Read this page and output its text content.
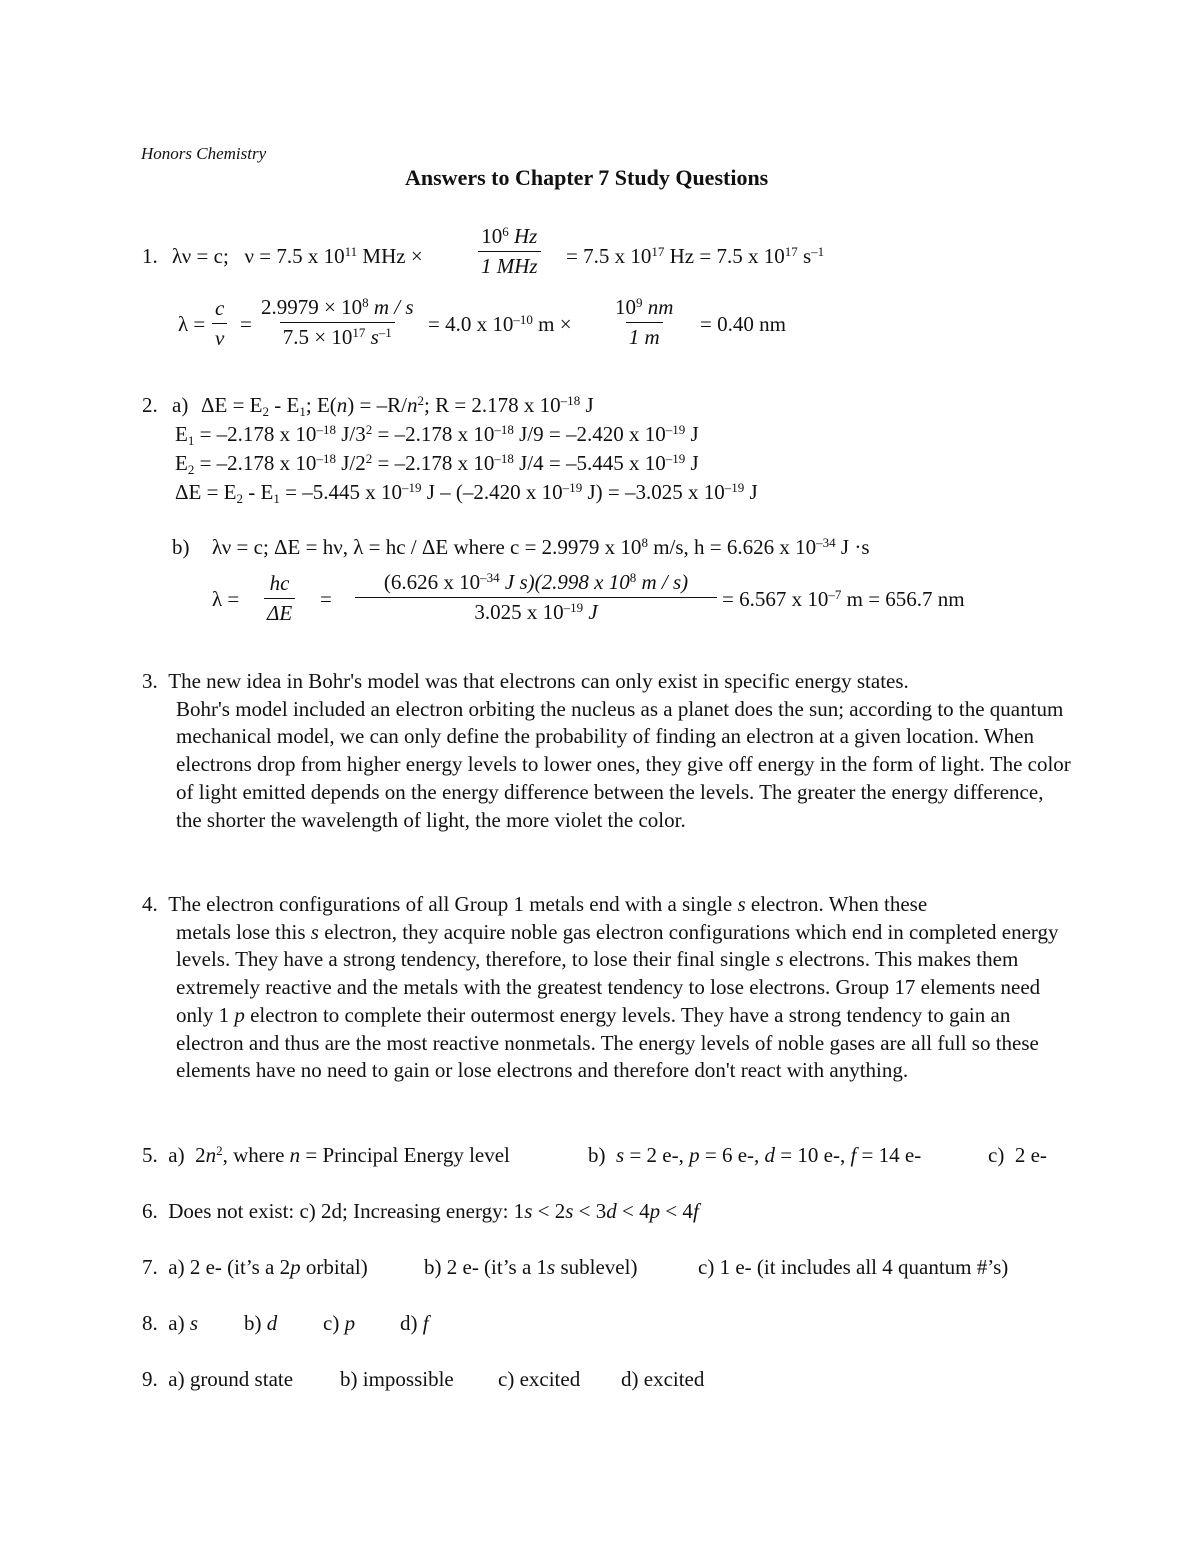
Honors Chemistry
Answers to Chapter 7 Study Questions
1. λν = c; ν = 7.5 x $10^{11}$ MHz ×
$10^6$ Hz
1 MHz = 7.5 x $10^{17}$ Hz = 7.5 x $10^{17}$ $s^{-1}$
$\lambda = \frac{c}{\nu} = \frac{2.9979 \times 10^8 m / s}{7.5 \times 10^{17} s^{-1}} = 4.0$ x $10^{-10}$ $m \times \frac{10^9 nm}{1 m} = 0.40$ nm
2. a) $\Delta E = E_2 - E_1$; $E(n) = -R/n^2$; R = 2.178 x $10^{-18}$ J
$E_1 = -2.178$ x $10^{-18}$ $J/3^2 = -2.178$ x $10^{-18}$ J/9 = –2.420 x $10^{-19}$ J
$E_2 = -2.178$ x $10^{-18}$ $J/2^2 = -2.178$ x $10^{-18}$ J/4 = –5.445 x $10^{-19}$ J
$\Delta E = E_2 - E_1 = -5.445$ x $10^{-19}$ J – (–2.420 x $10^{-19}$ J) = –3.025 x $10^{-19}$ J
b) λν = c; ΔE = hν, λ = hc / ΔE where c = 2.9979 x $10^8$ m/s, h = 6.626 x $10^{-34}$ J ·s
$\lambda = \frac{hc}{\Delta E} = \frac{(6.626 x 10^{-34} J s)(2.998 x 10^8 m / s)}{3.025 x 10^{-19} J} = 6.567$ x $10^{-7}$ m = 656.7 nm
3. The new idea in Bohr's model was that electrons can only exist in specific energy states.
Bohr's model included an electron orbiting the nucleus as a planet does the sun; according to the quantum mechanical model, we can only define the probability of finding an electron at a given location. When electrons drop from higher energy levels to lower ones, they give off energy in the form of light. The color of light emitted depends on the energy difference between the levels. The greater the energy difference, the shorter the wavelength of light, the more violet the color.
4. The electron configurations of all Group 1 metals end with a single s electron. When these
metals lose this s electron, they acquire noble gas electron configurations which end in completed energy levels. They have a strong tendency, therefore, to lose their final single s electrons. This makes them extremely reactive and the metals with the greatest tendency to lose electrons. Group 17 elements need only 1 p electron to complete their outermost energy levels. They have a strong tendency to gain an electron and thus are the most reactive nonmetals. The energy levels of noble gases are all full so these elements have no need to gain or lose electrons and therefore don't react with anything.
5. a) $2n^2$, where n = Principal Energy level	b) s = 2 e-, p = 6 e-, d = 10 e-, f = 14 e-	c) 2 e-
6. Does not exist: c) 2d; Increasing energy: 1s < 2s < 3d < 4p < 4f
7. a) 2 e- (it’s a 2p orbital)	b) 2 e- (it’s a 1s sublevel)	c) 1 e- (it includes all 4 quantum #’s)
8. a) s b) d c) p d) f
9. a) ground state b) impossible c) excited d) excited
